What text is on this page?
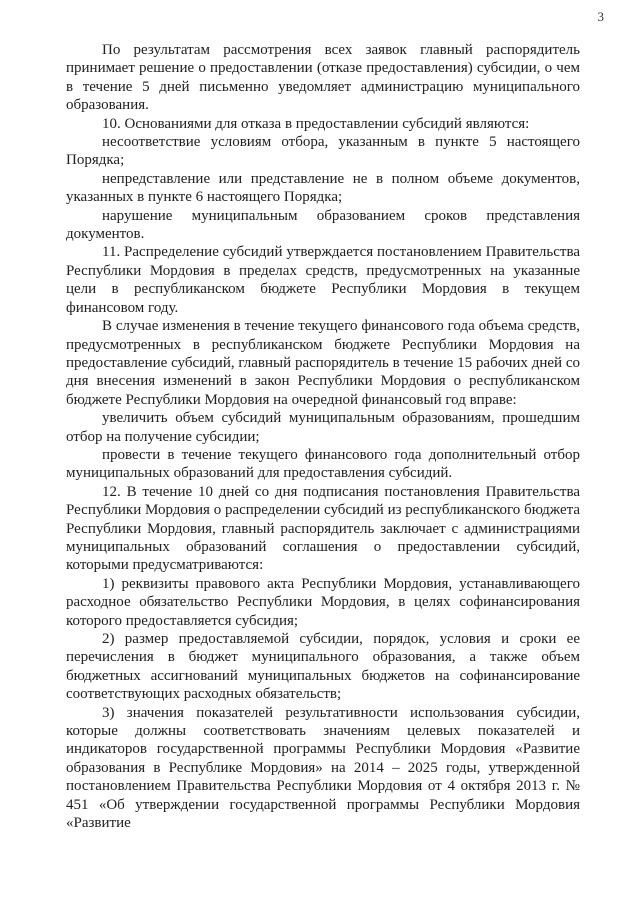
3

По результатам рассмотрения всех заявок главный распорядитель принимает решение о предоставлении (отказе предоставления) субсидии, о чем в течение 5 дней письменно уведомляет администрацию муниципального образования.

10. Основаниями для отказа в предоставлении субсидий являются:

несоответствие условиям отбора, указанным в пункте 5 настоящего Порядка;

непредставление или представление не в полном объеме документов, указанных в пункте 6 настоящего Порядка;

нарушение муниципальным образованием сроков представления документов.

11. Распределение субсидий утверждается постановлением Правительства Республики Мордовия в пределах средств, предусмотренных на указанные цели в республиканском бюджете Республики Мордовия в текущем финансовом году.

В случае изменения в течение текущего финансового года объема средств, предусмотренных в республиканском бюджете Республики Мордовия на предоставление субсидий, главный распорядитель в течение 15 рабочих дней со дня внесения изменений в закон Республики Мордовия о республиканском бюджете Республики Мордовия на очередной финансовый год вправе:

увеличить объем субсидий муниципальным образованиям, прошедшим отбор на получение субсидии;

провести в течение текущего финансового года дополнительный отбор муниципальных образований для предоставления субсидий.

12. В течение 10 дней со дня подписания постановления Правительства Республики Мордовия о распределении субсидий из республиканского бюджета Республики Мордовия, главный распорядитель заключает с администрациями муниципальных образований соглашения о предоставлении субсидий, которыми предусматриваются:

1) реквизиты правового акта Республики Мордовия, устанавливающего расходное обязательство Республики Мордовия, в целях софинансирования которого предоставляется субсидия;

2) размер предоставляемой субсидии, порядок, условия и сроки ее перечисления в бюджет муниципального образования, а также объем бюджетных ассигнований муниципальных бюджетов на софинансирование соответствующих расходных обязательств;

3) значения показателей результативности использования субсидии, которые должны соответствовать значениям целевых показателей и индикаторов государственной программы Республики Мордовия «Развитие образования в Республике Мордовия» на 2014 – 2025 годы, утвержденной постановлением Правительства Республики Мордовия от 4 октября 2013 г. № 451 «Об утверждении государственной программы Республики Мордовия «Развитие
